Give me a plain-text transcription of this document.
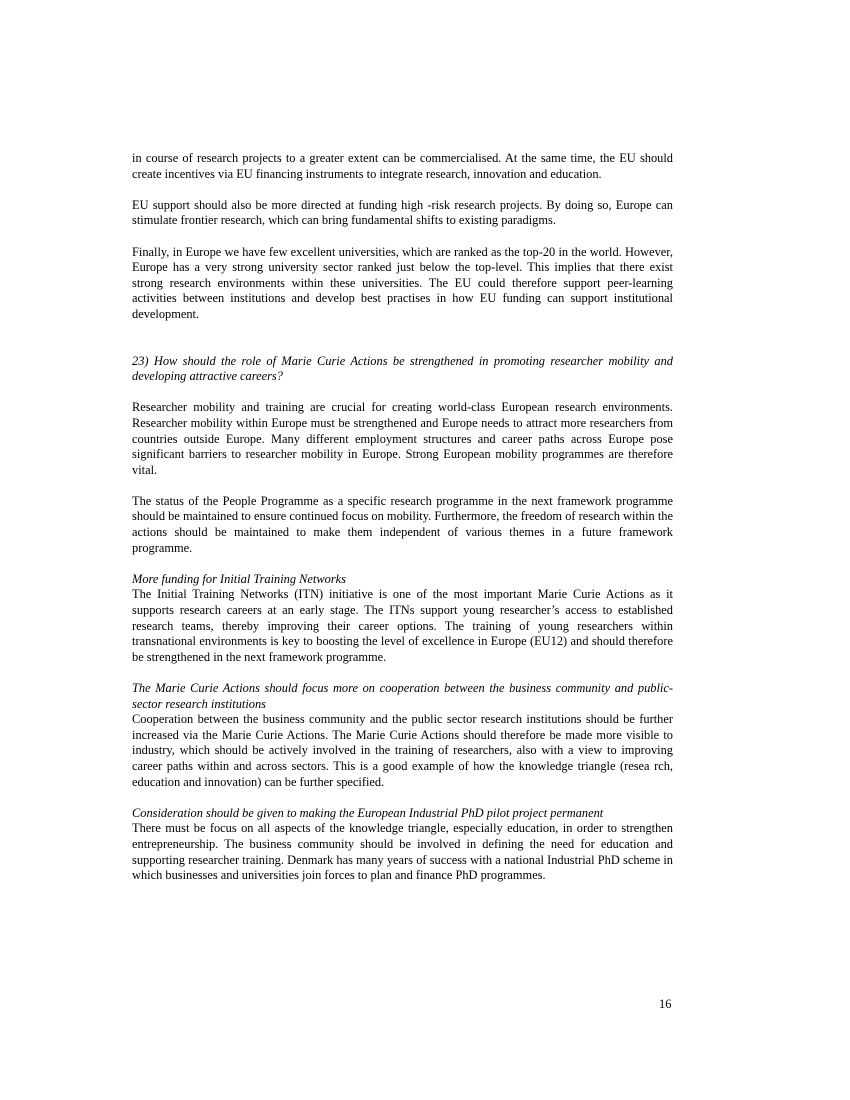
in course of research projects to a greater extent can be commercialised. At the same time, the EU should create incentives via EU financing instruments to integrate research, innovation and education.

EU support should also be more directed at funding high -risk research projects. By doing so, Europe can stimulate frontier research, which can bring fundamental shifts to existing paradigms.

Finally, in Europe we have few excellent universities, which are ranked as the top-20 in the world. However, Europe has a very strong university sector ranked just below the top-level. This implies that there exist strong research environments within these universities. The EU could therefore support peer-learning activities between institutions and develop best practises in how EU funding can support institutional development.

23) How should the role of Marie Curie Actions be strengthened in promoting researcher mobility and developing attractive careers?

Researcher mobility and training are crucial for creating world-class European research environments. Researcher mobility within Europe must be strengthened and Europe needs to attract more researchers from countries outside Europe. Many different employment structures and career paths across Europe pose significant barriers to researcher mobility in Europe. Strong European mobility programmes are therefore vital.

The status of the People Programme as a specific research programme in the next framework programme should be maintained to ensure continued focus on mobility. Furthermore, the freedom of research within the actions should be maintained to make them independent of various themes in a future framework programme.

More funding for Initial Training Networks

The Initial Training Networks (ITN) initiative is one of the most important Marie Curie Actions as it supports research careers at an early stage. The ITNs support young researcher’s access to established research teams, thereby improving their career options. The training of young researchers within transnational environments is key to boosting the level of excellence in Europe (EU12) and should therefore be strengthened in the next framework programme.

The Marie Curie Actions should focus more on cooperation between the business community and public-sector research institutions

Cooperation between the business community and the public sector research institutions should be further increased via the Marie Curie Actions. The Marie Curie Actions should therefore be made more visible to industry, which should be actively involved in the training of researchers, also with a view to improving career paths within and across sectors. This is a good example of how the knowledge triangle (resea rch, education and innovation) can be further specified.

Consideration should be given to making the European Industrial PhD pilot project permanent

There must be focus on all aspects of the knowledge triangle, especially education, in order to strengthen entrepreneurship. The business community should be involved in defining the need for education and supporting researcher training. Denmark has many years of success with a national Industrial PhD scheme in which businesses and universities join forces to plan and finance PhD programmes.

16
